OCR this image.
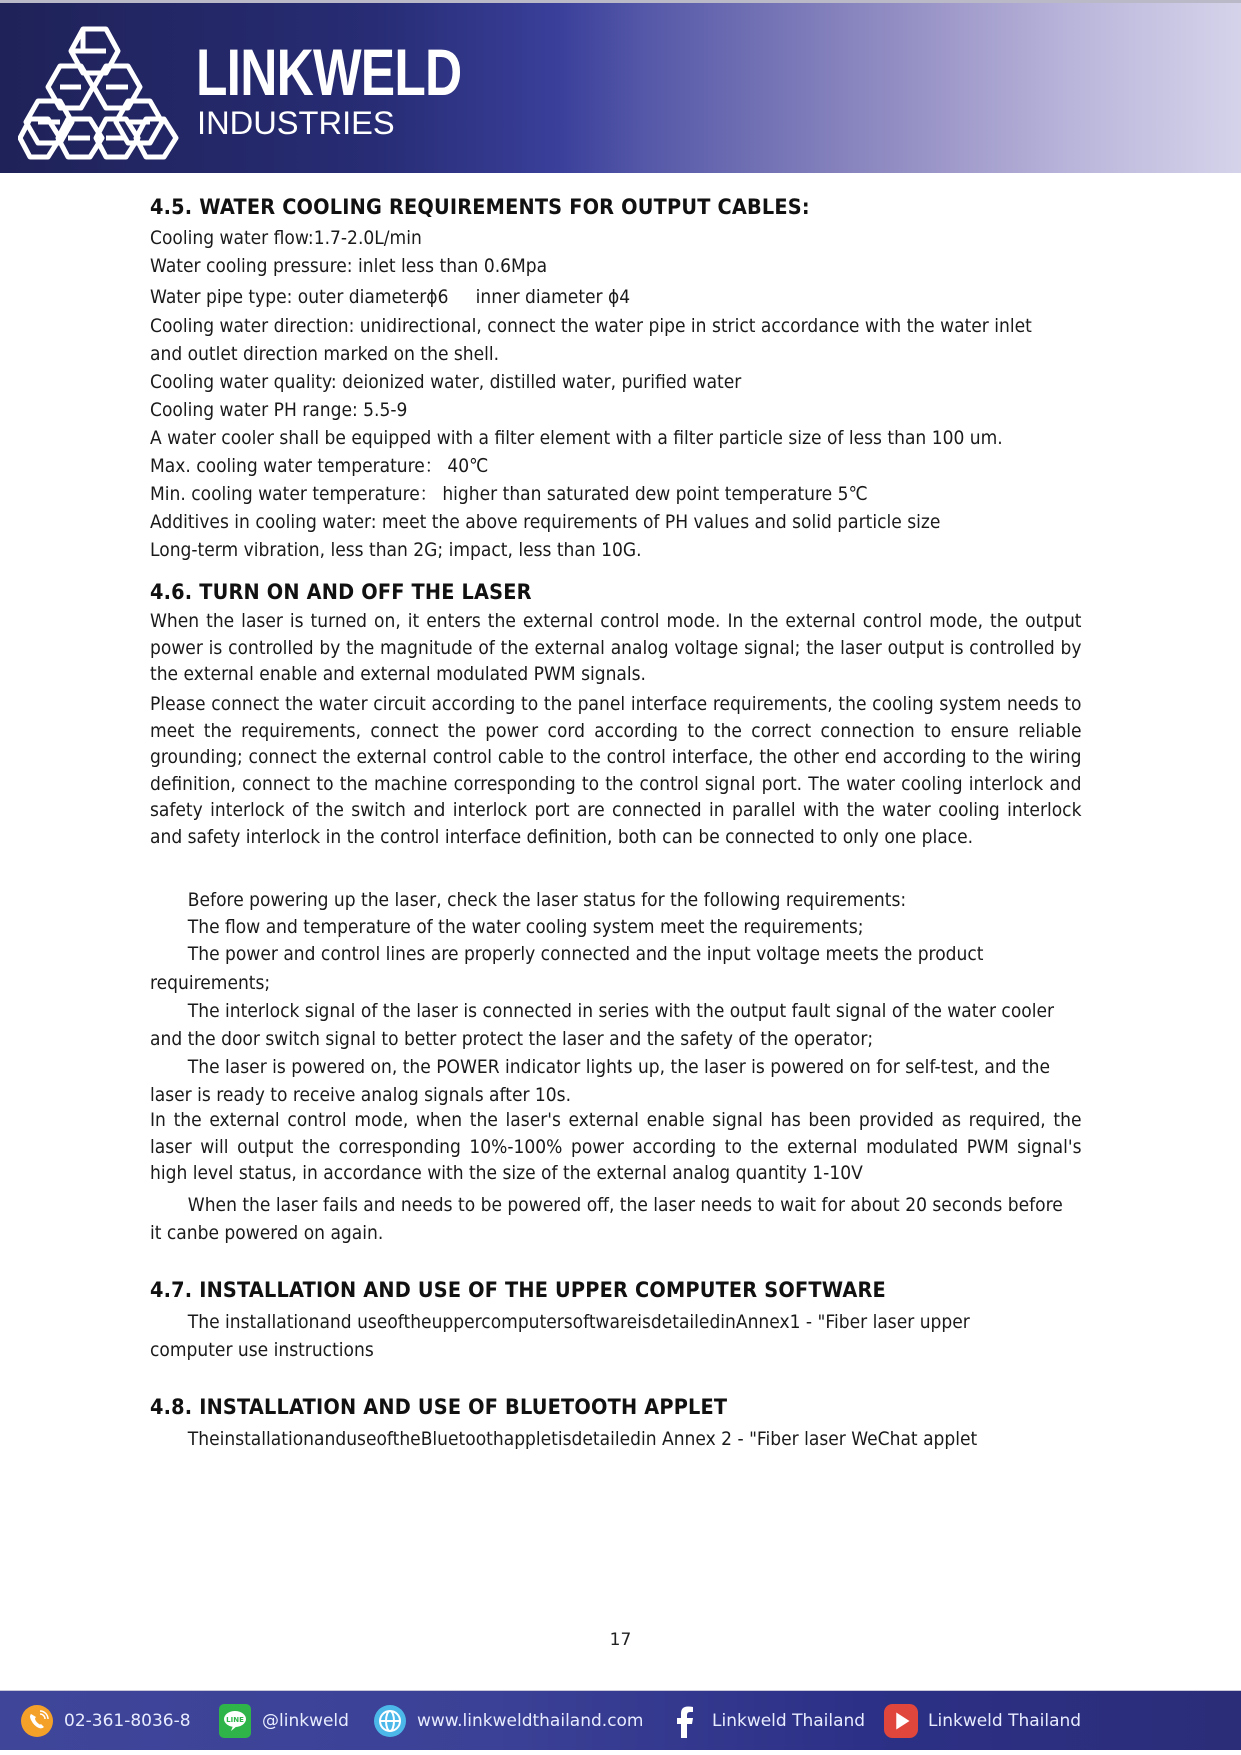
LINKWELD
INDUSTRIES
4.5. WATER COOLING REQUIREMENTS FOR OUTPUT CABLES:
Cooling water flow:1.7-2.0L/min
Water cooling pressure: inlet less than 0.6Mpa
Water pipe type: outer diameterϕ6     inner diameter ϕ4
Cooling water direction: unidirectional, connect the water pipe in strict accordance with the water inlet
and outlet direction marked on the shell.
Cooling water quality: deionized water, distilled water, purified water
Cooling water PH range: 5.5-9
A water cooler shall be equipped with a filter element with a filter particle size of less than 100 um.
Max. cooling water temperature： 40℃
Min. cooling water temperature： higher than saturated dew point temperature 5℃
Additives in cooling water: meet the above requirements of PH values and solid particle size
Long-term vibration, less than 2G; impact, less than 10G.
4.6. TURN ON AND OFF THE LASER
When the laser is turned on, it enters the external control mode. In the external control mode, the output power is controlled by the magnitude of the external analog voltage signal; the laser output is controlled by the external enable and external modulated PWM signals.
Please connect the water circuit according to the panel interface requirements, the cooling system needs to meet the requirements, connect the power cord according to the correct connection to ensure reliable grounding; connect the external control cable to the control interface, the other end according to the wiring definition, connect to the machine corresponding to the control signal port. The water cooling interlock and safety interlock of the switch and interlock port are connected in parallel with the water cooling interlock and safety interlock in the control interface definition, both can be connected to only one place.
Before powering up the laser, check the laser status for the following requirements:
The flow and temperature of the water cooling system meet the requirements;
The power and control lines are properly connected and the input voltage meets the product
requirements;
The interlock signal of the laser is connected in series with the output fault signal of the water cooler
and the door switch signal to better protect the laser and the safety of the operator;
The laser is powered on, the POWER indicator lights up, the laser is powered on for self-test, and the
laser is ready to receive analog signals after 10s.
In the external control mode, when the laser's external enable signal has been provided as required, the laser will output the corresponding 10%-100% power according to the external modulated PWM signal's high level status, in accordance with the size of the external analog quantity 1-10V
When the laser fails and needs to be powered off, the laser needs to wait for about 20 seconds before
it canbe powered on again.
4.7. INSTALLATION AND USE OF THE UPPER COMPUTER SOFTWARE
The installationand useoftheuppercomputersoftwareisdetailedinAnnex1 - "Fiber laser upper
computer use instructions
4.8. INSTALLATION AND USE OF BLUETOOTH APPLET
TheinstallationanduseoftheBluetoothappletisdetailedin Annex 2 - "Fiber laser WeChat applet
17
02-361-8036-8	LINE @linkweld	www.linkweldthailand.com	Linkweld Thailand	Linkweld Thailand
